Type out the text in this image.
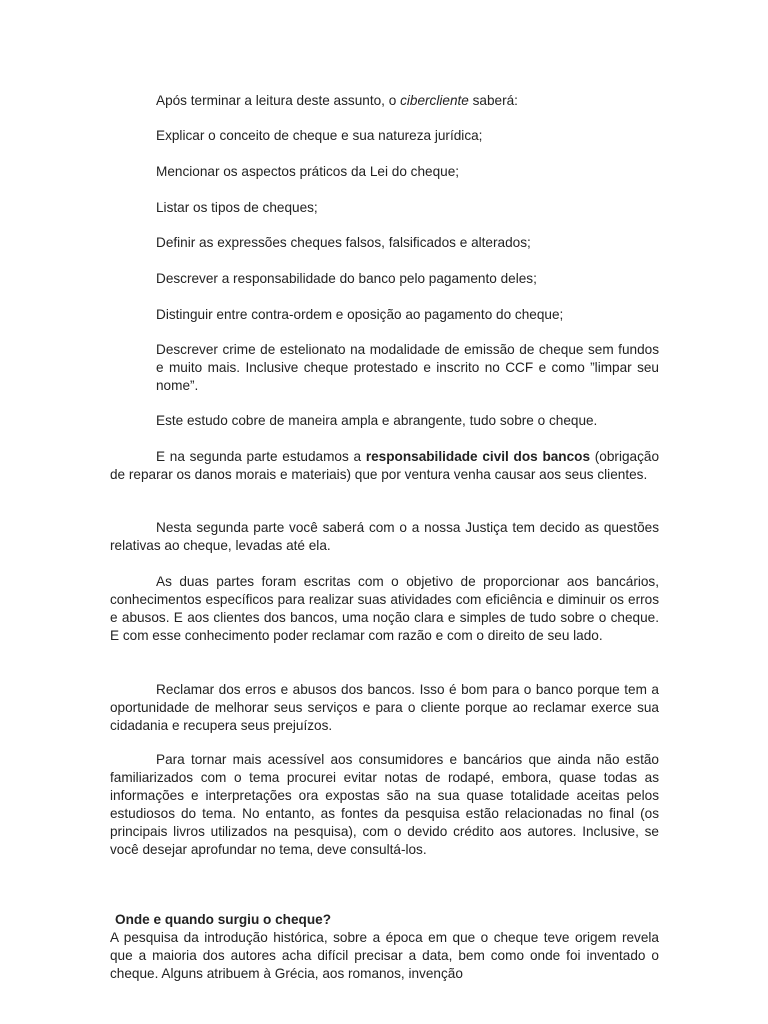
Após terminar a leitura deste assunto, o cibercliente saberá:

Explicar o conceito de cheque e sua natureza jurídica;

Mencionar os aspectos práticos da Lei do cheque;

Listar os tipos de cheques;

Definir as expressões cheques falsos, falsificados e alterados;

Descrever a responsabilidade do banco pelo pagamento deles;

Distinguir entre contra-ordem e oposição ao pagamento do cheque;

Descrever crime de estelionato na modalidade de emissão de cheque sem fundos e muito mais. Inclusive cheque protestado e inscrito no CCF e como ”limpar seu nome”.

Este estudo cobre de maneira ampla e abrangente, tudo sobre o cheque.

E na segunda parte estudamos a responsabilidade civil dos bancos (obrigação de reparar os danos morais e materiais) que por ventura venha causar aos seus clientes.

Nesta segunda parte você saberá com o a nossa Justiça tem decido as questões relativas ao cheque, levadas até ela.

As duas partes foram escritas com o objetivo de proporcionar aos bancários, conhecimentos específicos para realizar suas atividades com eficiência e diminuir os erros e abusos. E aos clientes dos bancos, uma noção clara e simples de tudo sobre o cheque. E com esse conhecimento poder reclamar com razão e com o direito de seu lado.

Reclamar dos erros e abusos dos bancos. Isso é bom para o banco porque tem a oportunidade de melhorar seus serviços e para o cliente porque ao reclamar exerce sua cidadania e recupera seus prejuízos.

Para tornar mais acessível aos consumidores e bancários que ainda não estão familiarizados com o tema procurei evitar notas de rodapé, embora, quase todas as informações e interpretações ora expostas são na sua quase totalidade aceitas pelos estudiosos do tema. No entanto, as fontes da pesquisa estão relacionadas no final (os principais livros utilizados na pesquisa), com o devido crédito aos autores. Inclusive, se você desejar aprofundar no tema, deve consultá-los.

Onde e quando surgiu o cheque?

A pesquisa da introdução histórica, sobre a época em que o cheque teve origem revela que a maioria dos autores acha difícil precisar a data, bem como onde foi inventado o cheque. Alguns atribuem à Grécia, aos romanos, invenção
